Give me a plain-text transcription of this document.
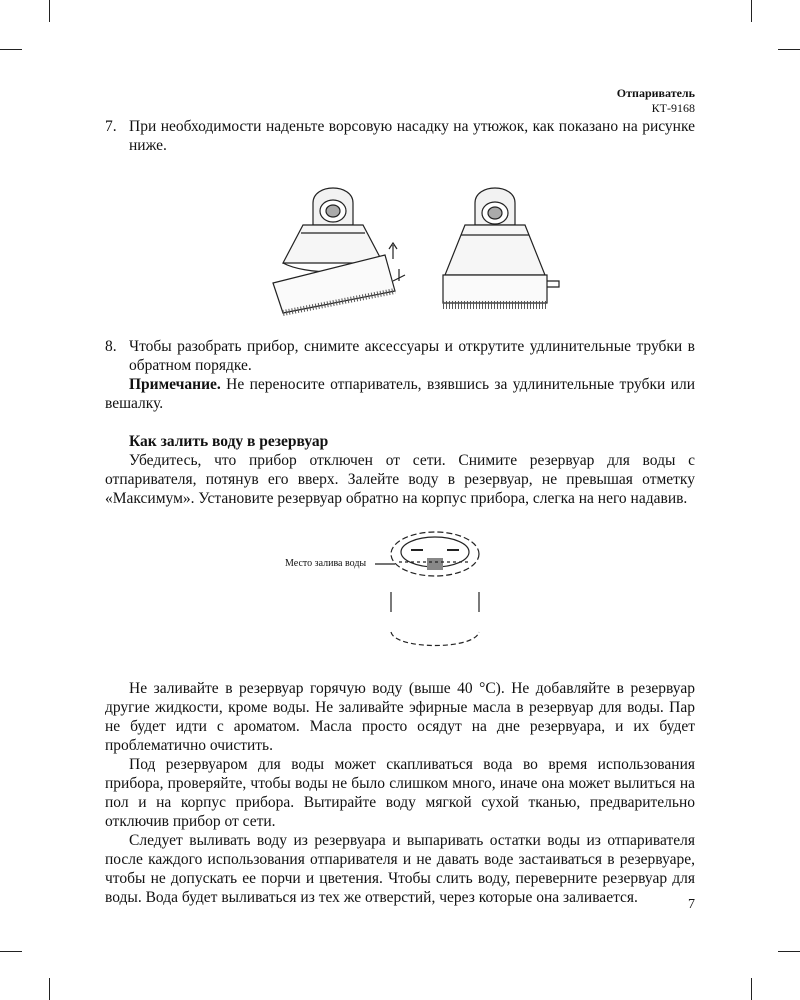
Отпариватель
КТ-9168
7. При необходимости наденьте ворсовую насадку на утюжок, как показано на рисунке ниже.
8. Чтобы разобрать прибор, снимите аксессуары и открутите удлинительные трубки в обратном порядке.
Примечание. Не переносите отпариватель, взявшись за удлинительные трубки или вешалку.
Как залить воду в резервуар
Убедитесь, что прибор отключен от сети. Снимите резервуар для воды с отпаривателя, потянув его вверх. Залейте воду в резервуар, не превышая отметку «Максимум». Установите резервуар обратно на корпус прибора, слегка на него надавив.
Место залива воды
Не заливайте в резервуар горячую воду (выше 40 °С). Не добавляйте в резервуар другие жидкости, кроме воды. Не заливайте эфирные масла в резервуар для воды. Пар не будет идти с ароматом. Масла просто осядут на дне резервуара, и их будет проблематично очистить.
Под резервуаром для воды может скапливаться вода во время использования прибора, проверяйте, чтобы воды не было слишком много, иначе она может вылиться на пол и на корпус прибора. Вытирайте воду мягкой сухой тканью, предварительно отключив прибор от сети.
Следует выливать воду из резервуара и выпаривать остатки воды из отпаривателя после каждого использования отпаривателя и не давать воде застаиваться в резервуаре, чтобы не допускать ее порчи и цветения. Чтобы слить воду, переверните резервуар для воды. Вода будет выливаться из тех же отверстий, через которые она заливается.	7
